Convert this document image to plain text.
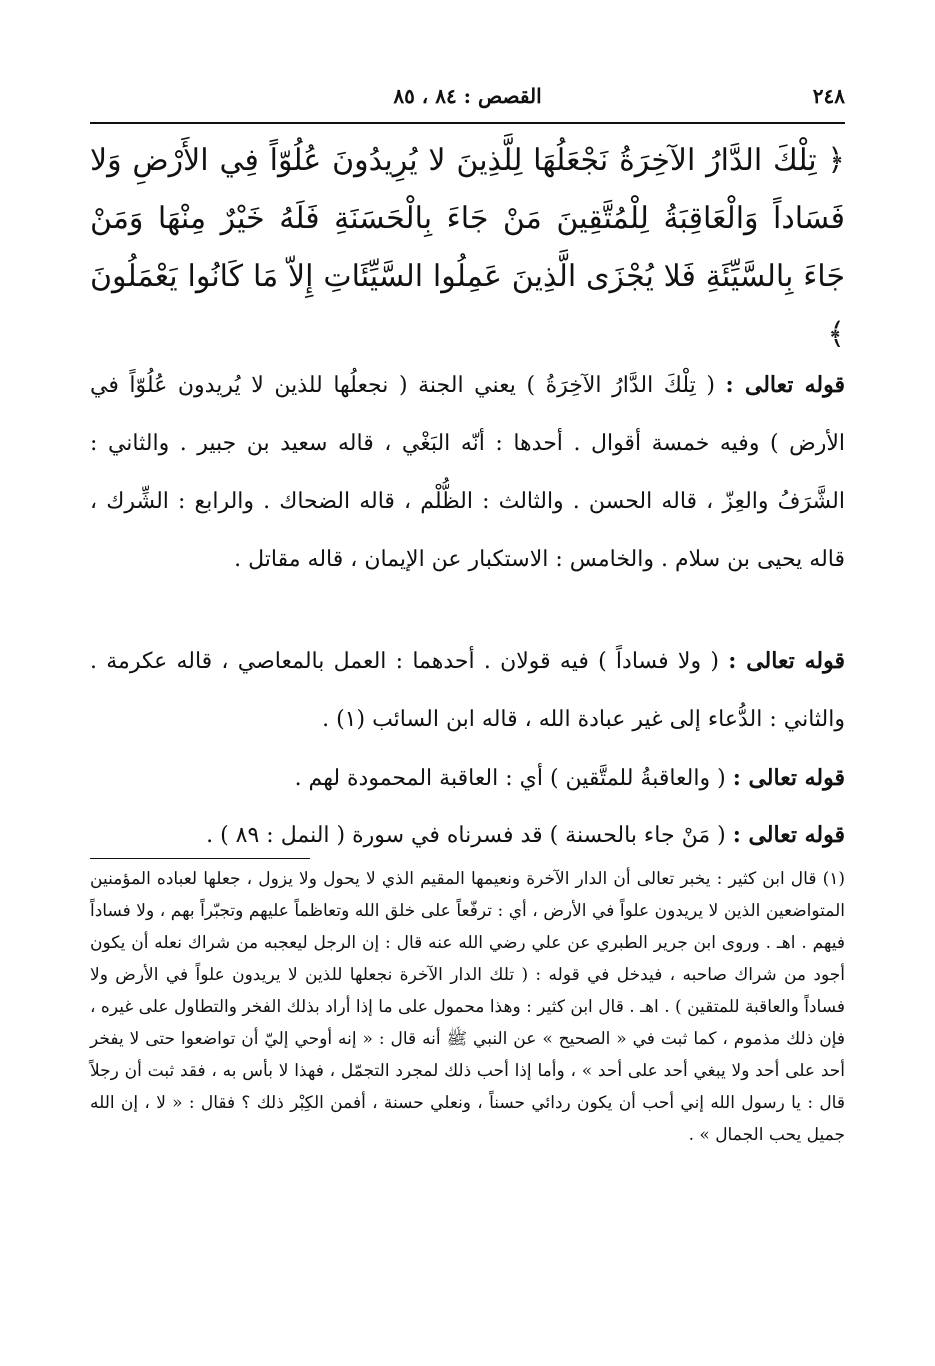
٢٤٨
القصص : ٨٤ ، ٨٥
﴿ تِلْكَ الدَّارُ الآخِرَةُ نَجْعَلُهَا لِلَّذِينَ لا يُرِيدُونَ عُلُوّاً فِي الأَرْضِ وَلا فَسَاداً وَالْعَاقِبَةُ لِلْمُتَّقِينَ مَنْ جَاءَ بِالْحَسَنَةِ فَلَهُ خَيْرٌ مِنْهَا وَمَنْ جَاءَ بِالسَّيِّئَةِ فَلا يُجْزَى الَّذِينَ عَمِلُوا السَّيِّئَاتِ إِلاّ مَا كَانُوا يَعْمَلُونَ ﴾
قوله تعالى : ( تِلْكَ الدَّارُ الآخِرَةُ ) يعني الجنة ( نجعلُها للذين لا يُريدون عُلُوّاً في الأرض ) وفيه خمسة أقوال . أحدها : أنّه البَغْي ، قاله سعيد بن جبير . والثاني : الشَّرَفُ والعِزّ ، قاله الحسن . والثالث : الظُّلْم ، قاله الضحاك . والرابع : الشِّرك ، قاله يحيى بن سلام . والخامس : الاستكبار عن الإيمان ، قاله مقاتل .
قوله تعالى : ( ولا فساداً ) فيه قولان . أحدهما : العمل بالمعاصي ، قاله عكرمة . والثاني : الدُّعاء إلى غير عبادة الله ، قاله ابن السائب (١) .
قوله تعالى : ( والعاقبةُ للمتَّقين ) أي : العاقبة المحمودة لهم .
قوله تعالى : ( مَنْ جاء بالحسنة ) قد فسرناه في سورة ( النمل : ٨٩ ) .
(١) قال ابن كثير : يخبر تعالى أن الدار الآخرة ونعيمها المقيم الذي لا يحول ولا يزول ، جعلها لعباده المؤمنين المتواضعين الذين لا يريدون علواً في الأرض ، أي : ترفّعاً على خلق الله وتعاظماً عليهم وتجبّراً بهم ، ولا فساداً فيهم . اهـ . وروى ابن جرير الطبري عن علي رضي الله عنه قال : إن الرجل ليعجبه من شراك نعله أن يكون أجود من شراك صاحبه ، فيدخل في قوله : ( تلك الدار الآخرة نجعلها للذين لا يريدون علواً في الأرض ولا فساداً والعاقبة للمتقين ) . اهـ . قال ابن كثير : وهذا محمول على ما إذا أراد بذلك الفخر والتطاول على غيره ، فإن ذلك مذموم ، كما ثبت في « الصحيح » عن النبي ﷺ أنه قال : « إنه أوحي إليّ أن تواضعوا حتى لا يفخر أحد على أحد ولا يبغي أحد على أحد » ، وأما إذا أحب ذلك لمجرد التجمّل ، فهذا لا بأس به ، فقد ثبت أن رجلاً قال : يا رسول الله إني أحب أن يكون ردائي حسناً ، ونعلي حسنة ، أفمن الكِبْر ذلك ؟ فقال : « لا ، إن الله جميل يحب الجمال » .
